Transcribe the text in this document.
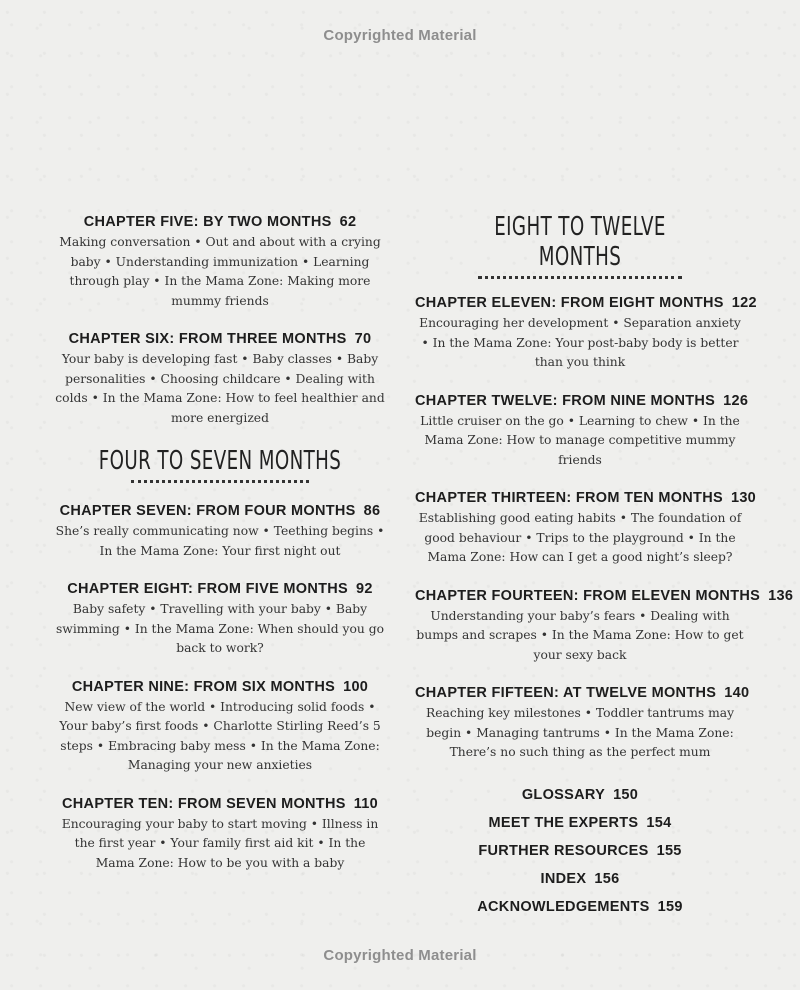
Copyrighted Material
CHAPTER FIVE: BY TWO MONTHS 62
Making conversation • Out and about with a crying baby • Understanding immunization • Learning through play • In the Mama Zone: Making more mummy friends
CHAPTER SIX: FROM THREE MONTHS 70
Your baby is developing fast • Baby classes • Baby personalities • Choosing childcare • Dealing with colds • In the Mama Zone: How to feel healthier and more energized
FOUR TO SEVEN MONTHS
CHAPTER SEVEN: FROM FOUR MONTHS 86
She’s really communicating now • Teething begins • In the Mama Zone: Your first night out
CHAPTER EIGHT: FROM FIVE MONTHS 92
Baby safety • Travelling with your baby • Baby swimming • In the Mama Zone: When should you go back to work?
CHAPTER NINE: FROM SIX MONTHS 100
New view of the world • Introducing solid foods • Your baby’s first foods • Charlotte Stirling Reed’s 5 steps • Embracing baby mess • In the Mama Zone: Managing your new anxieties
CHAPTER TEN: FROM SEVEN MONTHS 110
Encouraging your baby to start moving • Illness in the first year • Your family first aid kit • In the Mama Zone: How to be you with a baby
EIGHT TO TWELVE MONTHS
CHAPTER ELEVEN: FROM EIGHT MONTHS 122
Encouraging her development • Separation anxiety • In the Mama Zone: Your post-baby body is better than you think
CHAPTER TWELVE: FROM NINE MONTHS 126
Little cruiser on the go • Learning to chew • In the Mama Zone: How to manage competitive mummy friends
CHAPTER THIRTEEN: FROM TEN MONTHS 130
Establishing good eating habits • The foundation of good behaviour • Trips to the playground • In the Mama Zone: How can I get a good night’s sleep?
CHAPTER FOURTEEN: FROM ELEVEN MONTHS 136
Understanding your baby’s fears • Dealing with bumps and scrapes • In the Mama Zone: How to get your sexy back
CHAPTER FIFTEEN: AT TWELVE MONTHS 140
Reaching key milestones • Toddler tantrums may begin • Managing tantrums • In the Mama Zone: There’s no such thing as the perfect mum
GLOSSARY 150
MEET THE EXPERTS 154
FURTHER RESOURCES 155
INDEX 156
ACKNOWLEDGEMENTS 159
Copyrighted Material
